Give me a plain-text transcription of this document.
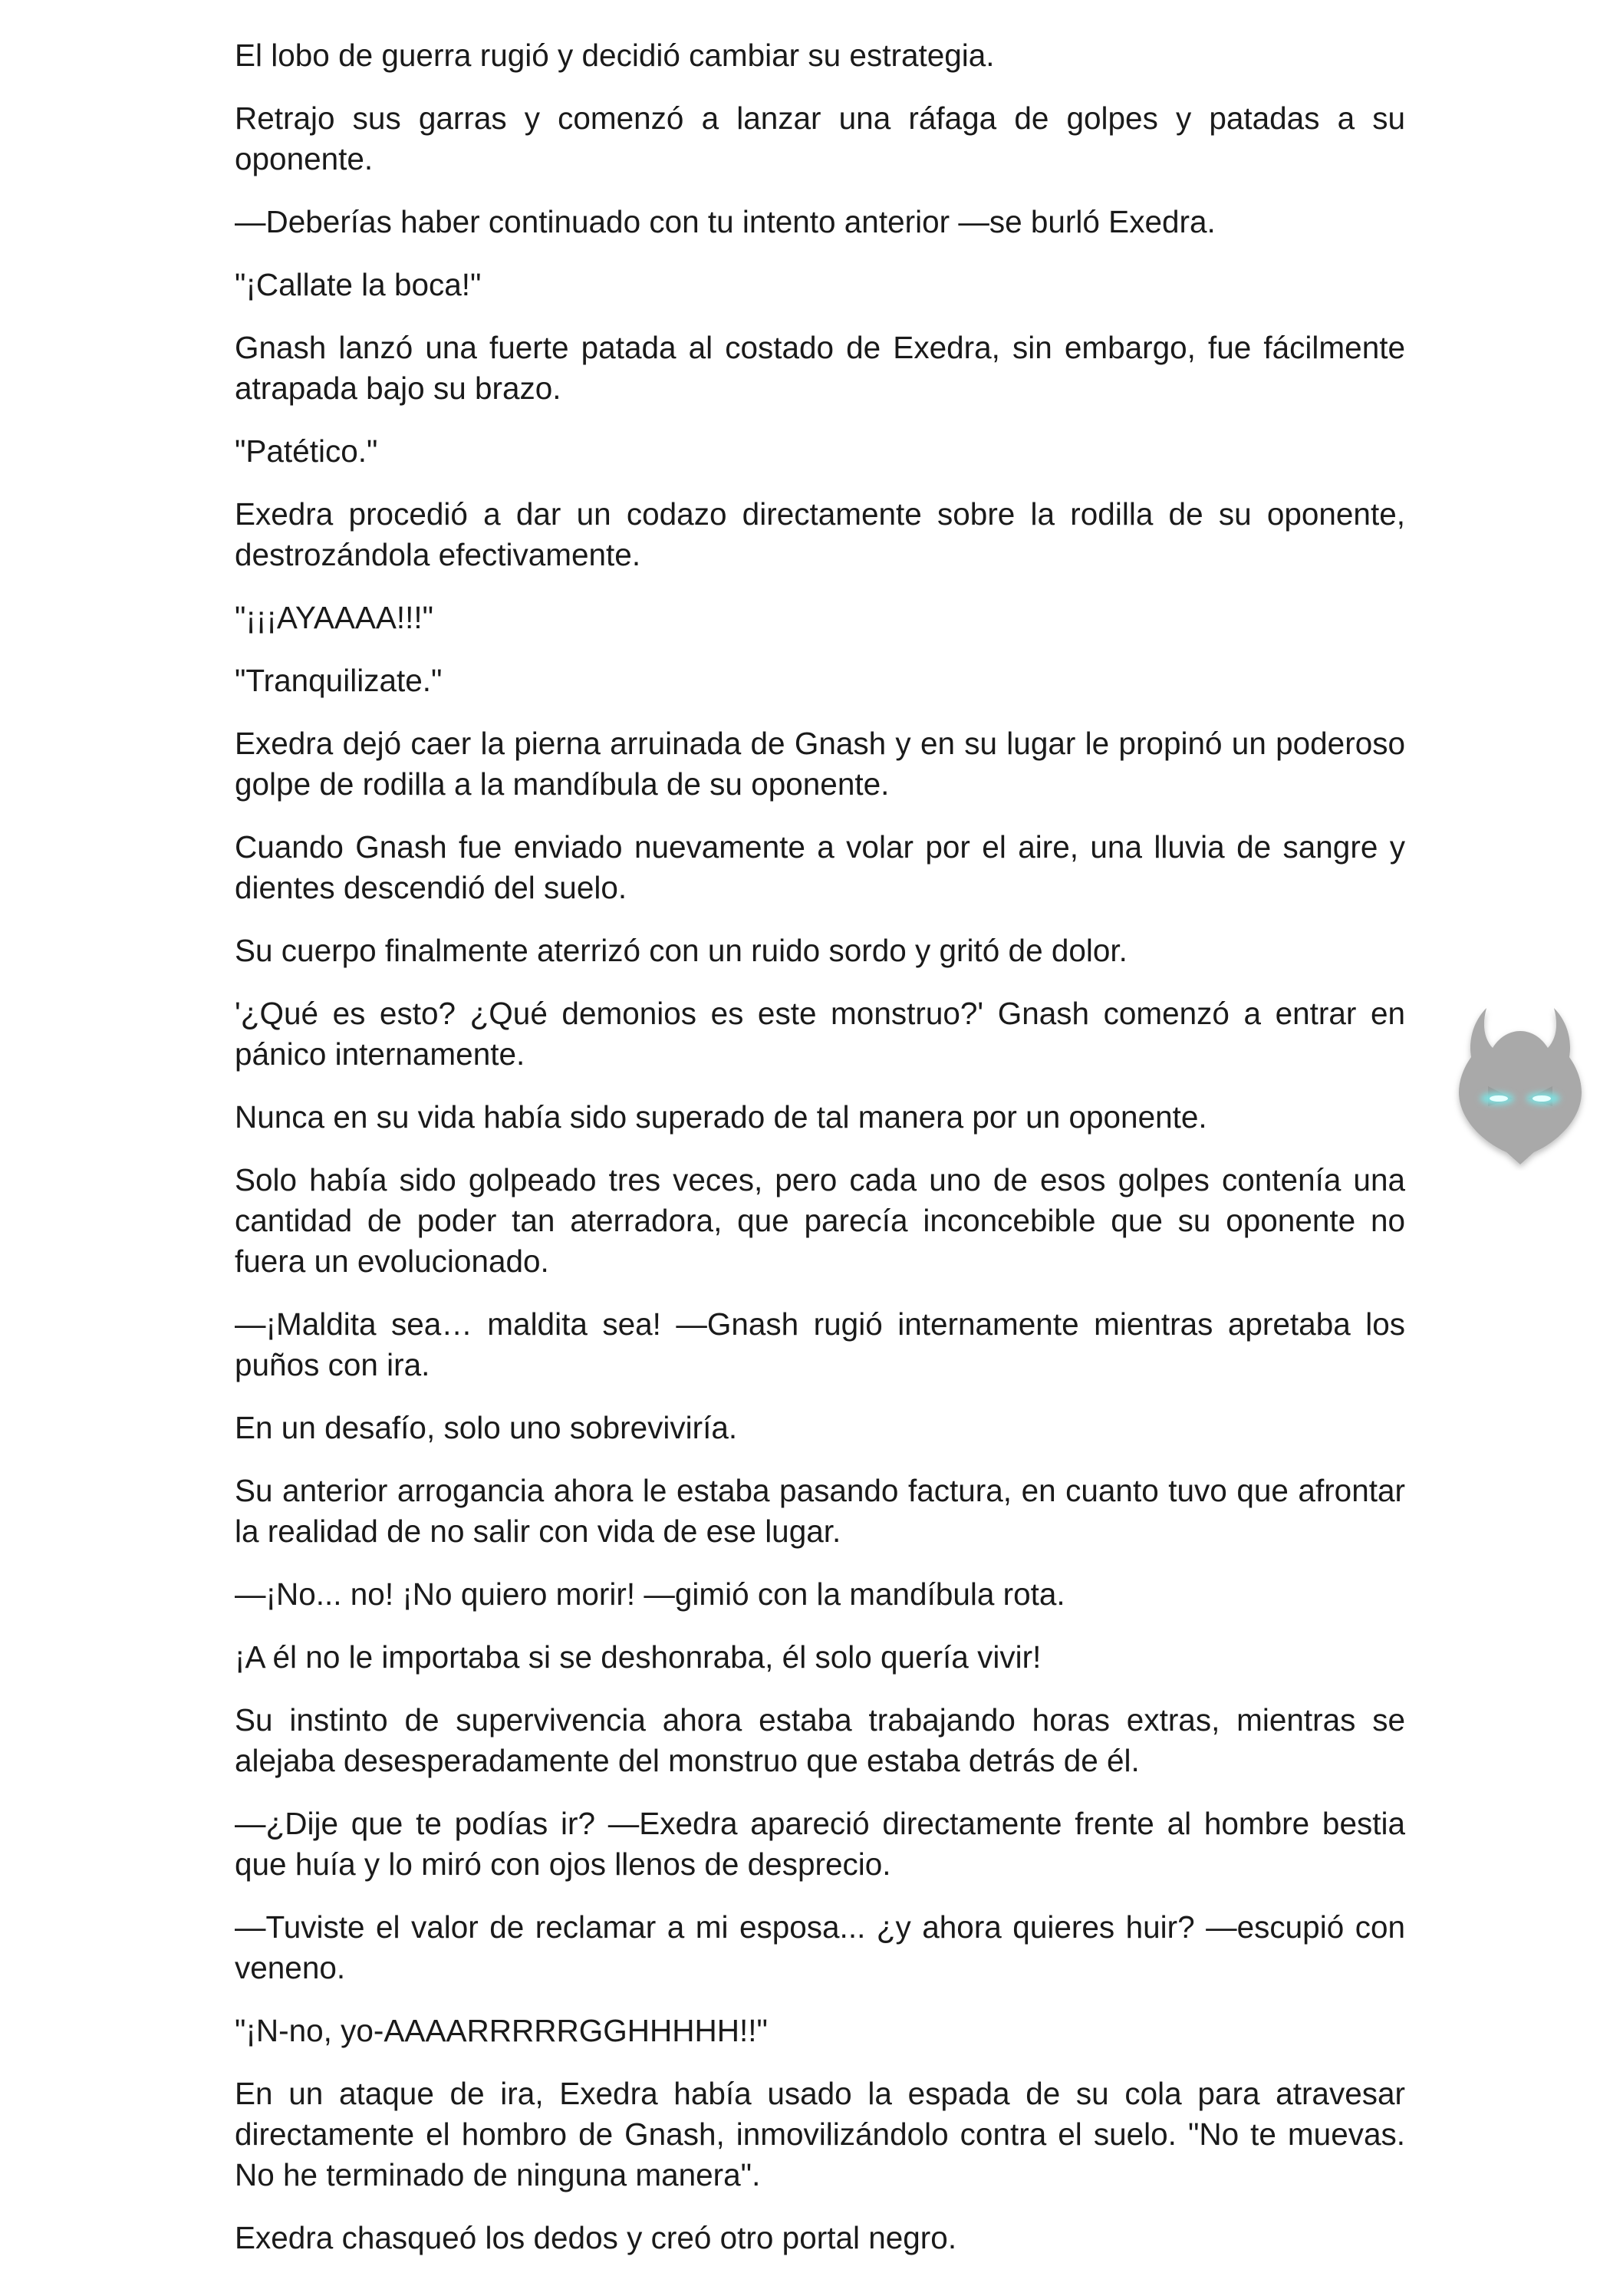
El lobo de guerra rugió y decidió cambiar su estrategia.

Retrajo sus garras y comenzó a lanzar una ráfaga de golpes y patadas a su oponente.

—Deberías haber continuado con tu intento anterior —se burló Exedra.

"¡Callate la boca!"

Gnash lanzó una fuerte patada al costado de Exedra, sin embargo, fue fácilmente atrapada bajo su brazo.

"Patético."

Exedra procedió a dar un codazo directamente sobre la rodilla de su oponente, destrozándola efectivamente.

"¡¡¡AYAAAA!!!"

"Tranquilizate."

Exedra dejó caer la pierna arruinada de Gnash y en su lugar le propinó un poderoso golpe de rodilla a la mandíbula de su oponente.

Cuando Gnash fue enviado nuevamente a volar por el aire, una lluvia de sangre y dientes descendió del suelo.

Su cuerpo finalmente aterrizó con un ruido sordo y gritó de dolor.

'¿Qué es esto? ¿Qué demonios es este monstruo?' Gnash comenzó a entrar en pánico internamente.

Nunca en su vida había sido superado de tal manera por un oponente.

Solo había sido golpeado tres veces, pero cada uno de esos golpes contenía una cantidad de poder tan aterradora, que parecía inconcebible que su oponente no fuera un evolucionado.

—¡Maldita sea… maldita sea! —Gnash rugió internamente mientras apretaba los puños con ira.

En un desafío, solo uno sobreviviría.

Su anterior arrogancia ahora le estaba pasando factura, en cuanto tuvo que afrontar la realidad de no salir con vida de ese lugar.

—¡No... no! ¡No quiero morir! —gimió con la mandíbula rota.

¡A él no le importaba si se deshonraba, él solo quería vivir!

Su instinto de supervivencia ahora estaba trabajando horas extras, mientras se alejaba desesperadamente del monstruo que estaba detrás de él.

—¿Dije que te podías ir? —Exedra apareció directamente frente al hombre bestia que huía y lo miró con ojos llenos de desprecio.

—Tuviste el valor de reclamar a mi esposa... ¿y ahora quieres huir? —escupió con veneno.

"¡N-no, yo-AAAARRRRRGGHHHHH!!"

En un ataque de ira, Exedra había usado la espada de su cola para atravesar directamente el hombro de Gnash, inmovilizándolo contra el suelo. "No te muevas. No he terminado de ninguna manera".

Exedra chasqueó los dedos y creó otro portal negro.
